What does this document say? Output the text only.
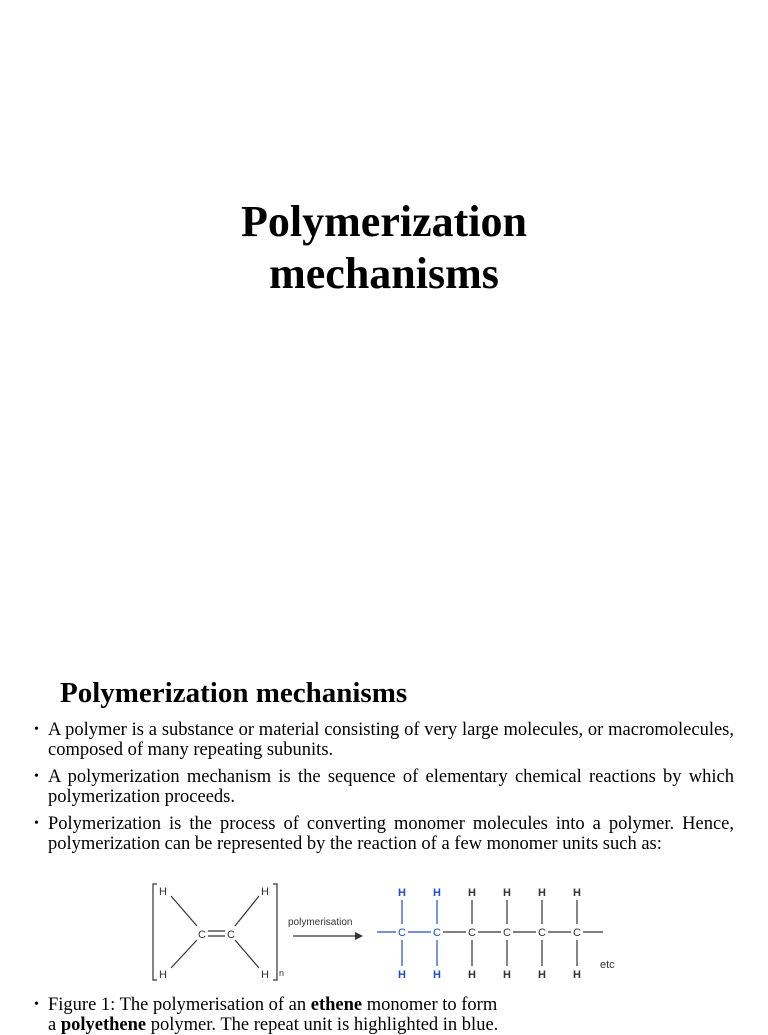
Polymerization
mechanisms
Polymerization mechanisms
• A polymer is a substance or material consisting of very large molecules, or macromolecules, composed of many repeating subunits.
• A polymerization mechanism is the sequence of elementary chemical reactions by which polymerization proceeds.
• Polymerization is the process of converting monomer molecules into a polymer. Hence, polymerization can be represented by the reaction of a few monomer units such as:
H	H
H	H
C C
n
polymerisation
C
H
H
C
H
H
C
H
H
C
H
H
C
H
H
C
H
H
etc
• Figure 1: The polymerisation of an ethene monomer to form
a polyethene polymer. The repeat unit is highlighted in blue.
